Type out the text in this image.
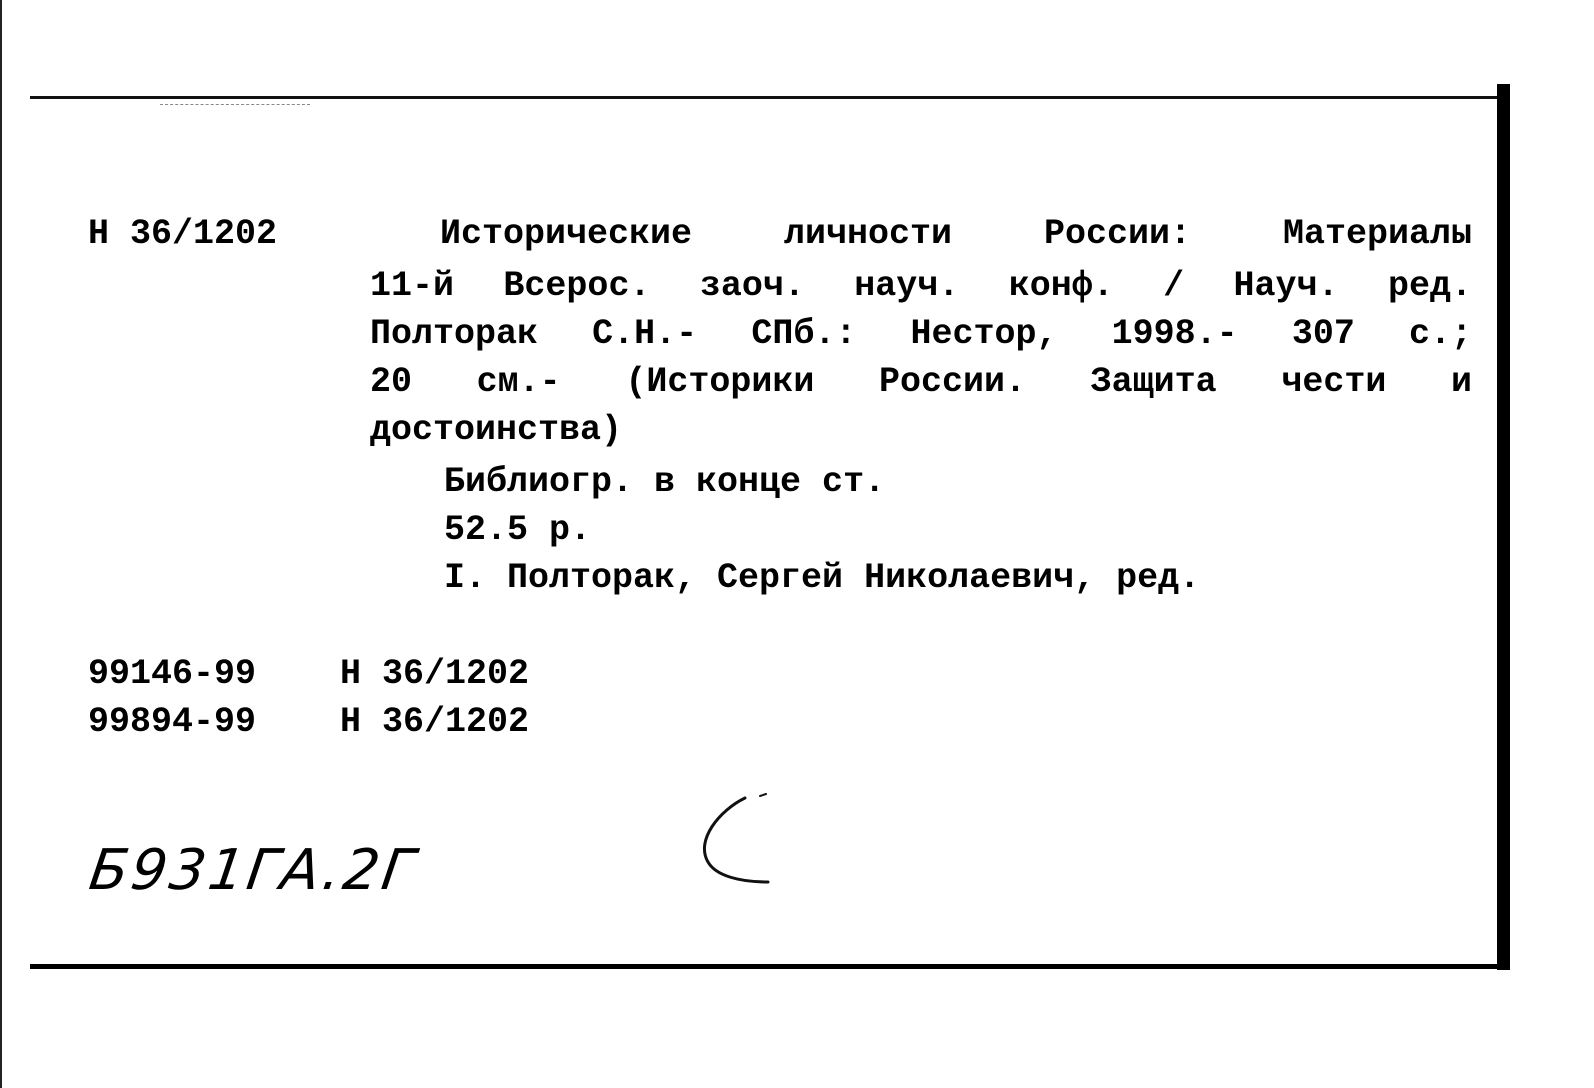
Н 36/1202	Исторические личности России: Материалы
11-й Всерос. заоч. науч. конф. / Науч. ред.
Полторак С.Н.- СПб.: Нестор, 1998.- 307 с.;
20 см.- (Историки России. Защита чести и
достоинства)
Библиогр. в конце ст.
52.5 р.
I. Полторак, Сергей Николаевич, ред.
99146-99 Н 36/1202
99894-99 Н 36/1202
Б931ГА.2Г
